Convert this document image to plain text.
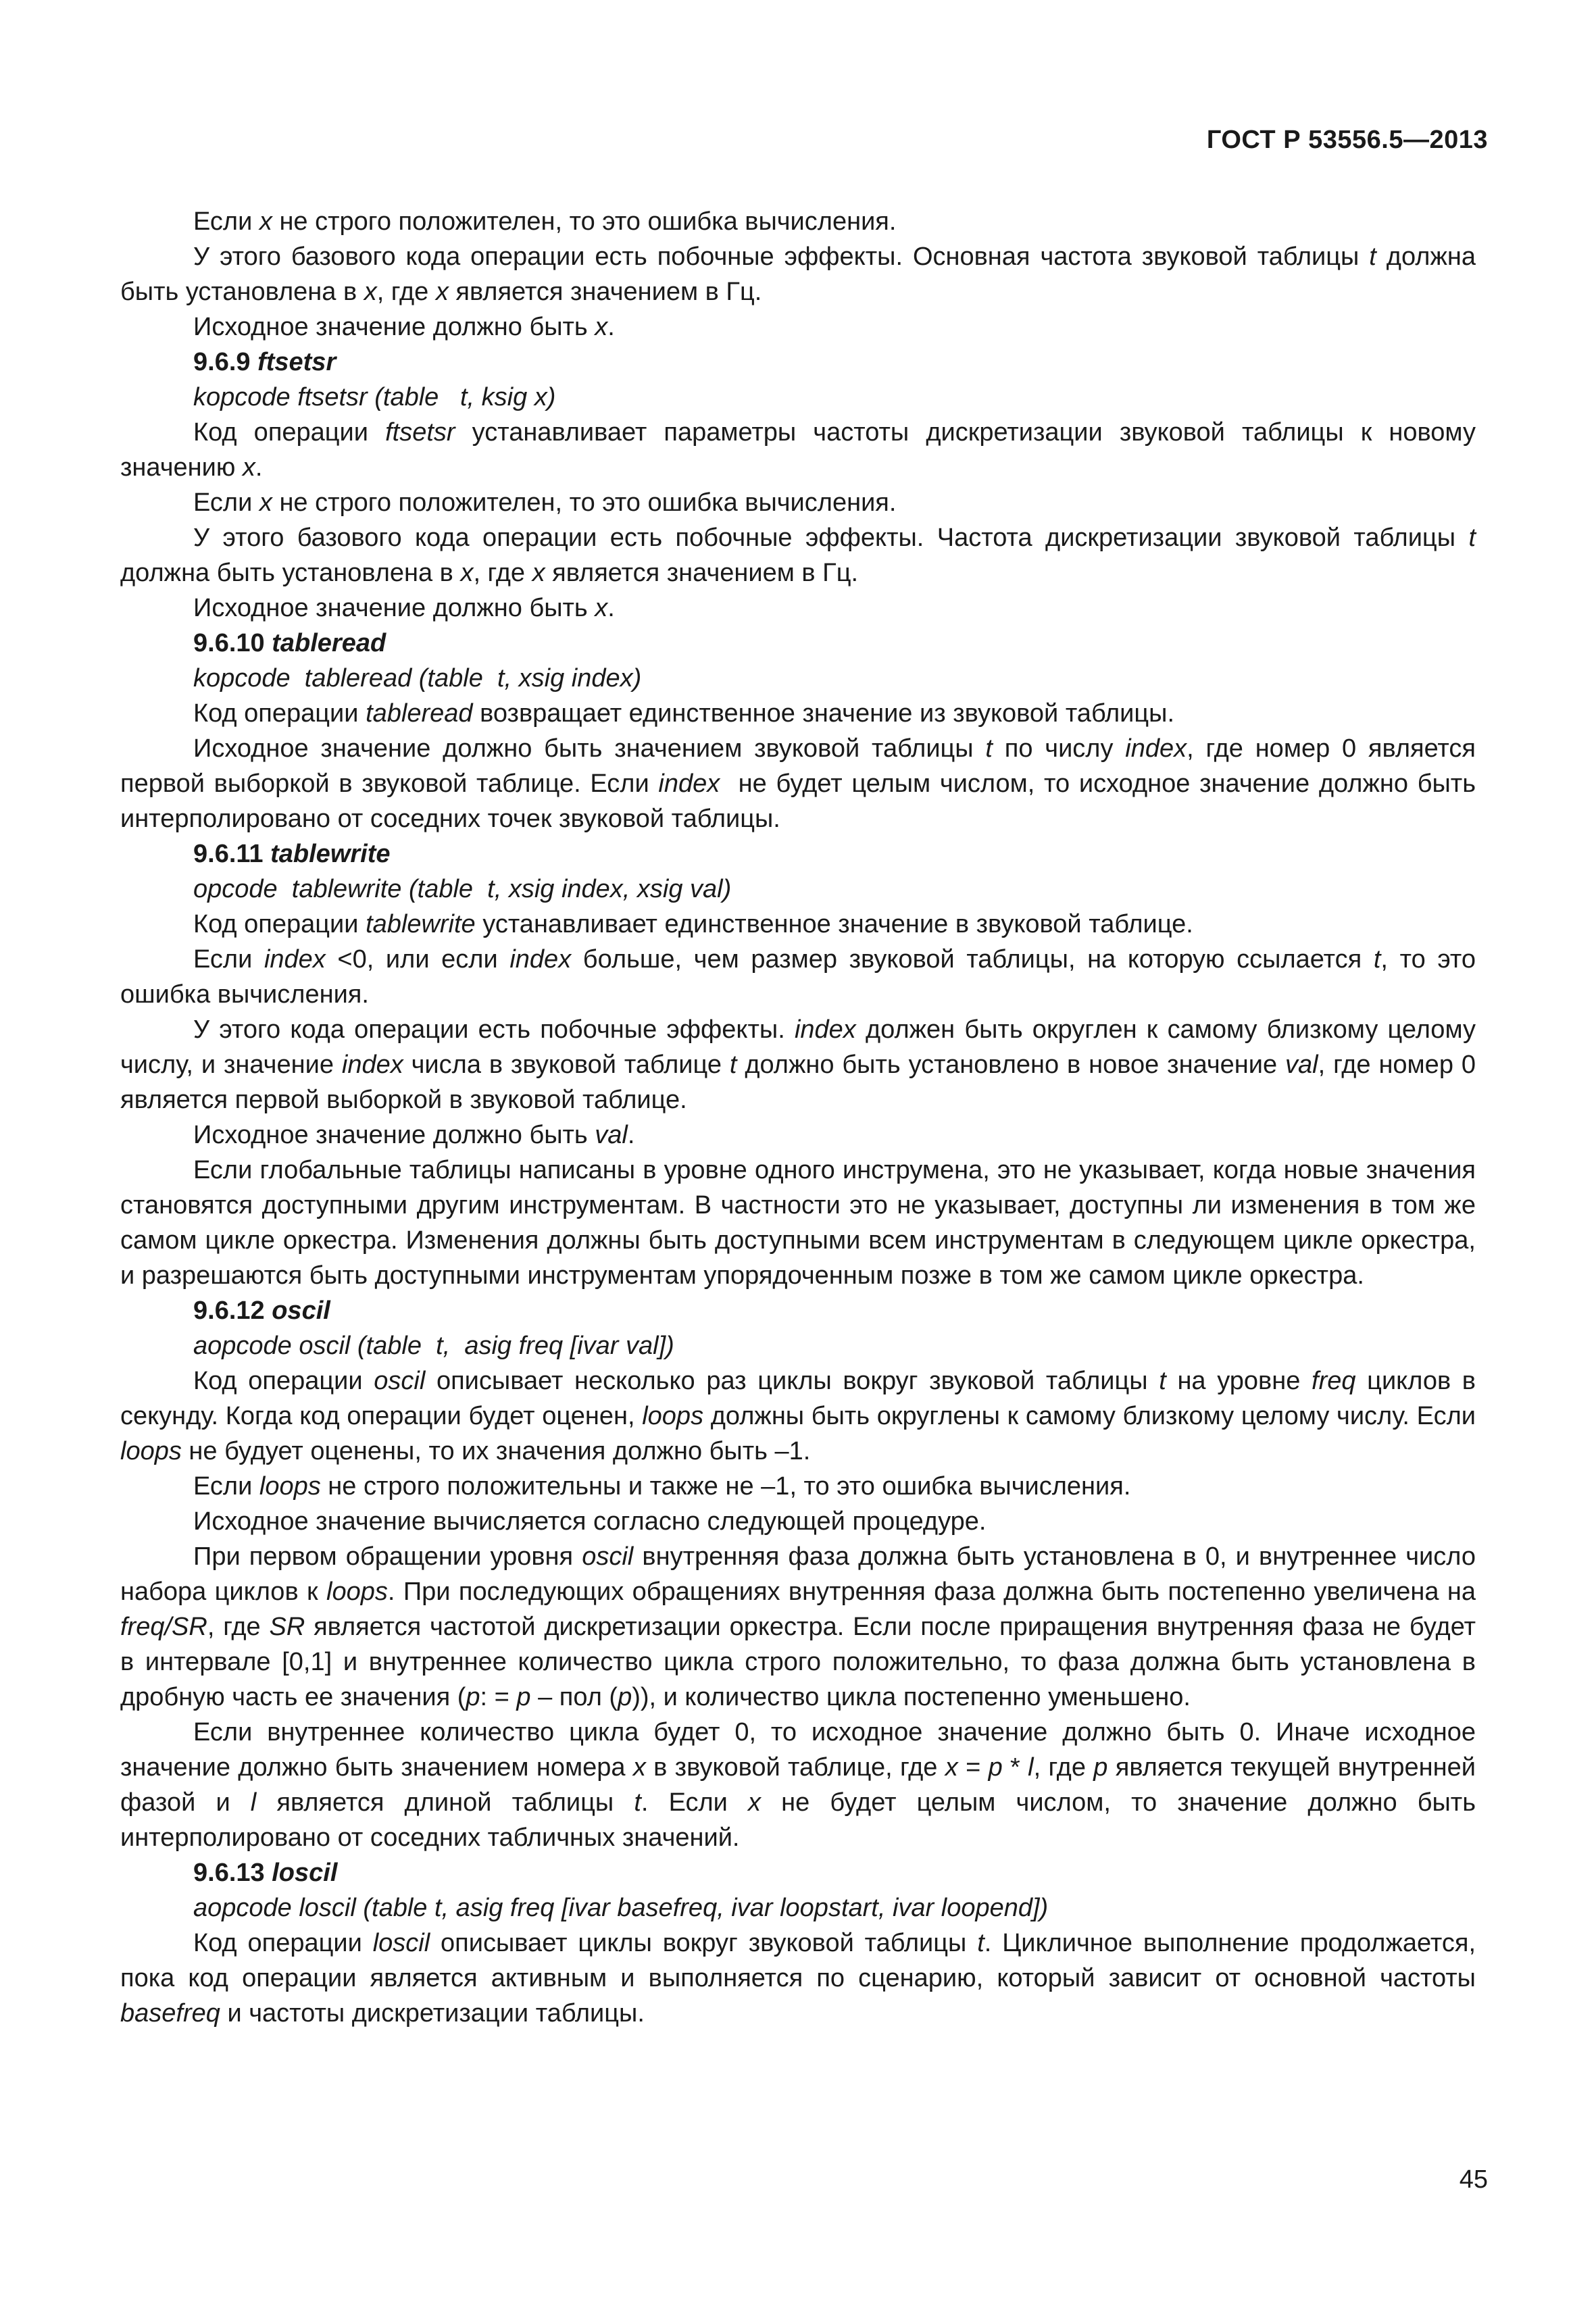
ГОСТ Р 53556.5—2013
Если x не строго положителен, то это ошибка вычисления.
У этого базового кода операции есть побочные эффекты. Основная частота звуковой таблицы t должна быть установлена в x, где x является значением в Гц.
Исходное значение должно быть x.
9.6.9 ftsetsr
kopcode ftsetsr (table   t, ksig x)
Код операции ftsetsr устанавливает параметры частоты дискретизации звуковой таблицы к новому значению x.
Если x не строго положителен, то это ошибка вычисления.
У этого базового кода операции есть побочные эффекты. Частота дискретизации звуковой таблицы t должна быть установлена в x, где x является значением в Гц.
Исходное значение должно быть x.
9.6.10 tableread
kopcode  tableread (table  t, xsig index)
Код операции tableread возвращает единственное значение из звуковой таблицы.
Исходное значение должно быть значением звуковой таблицы t по числу index, где номер 0 является первой выборкой в звуковой таблице. Если index  не будет целым числом, то исходное значение должно быть интерполировано от соседних точек звуковой таблицы.
9.6.11 tablewrite
opcode  tablewrite (table  t, xsig index, xsig val)
Код операции tablewrite устанавливает единственное значение в звуковой таблице.
Если index <0, или если index больше, чем размер звуковой таблицы, на которую ссылается t, то это ошибка вычисления.
У этого кода операции есть побочные эффекты. index должен быть округлен к самому близкому целому числу, и значение index числа в звуковой таблице t должно быть установлено в новое значение val, где номер 0 является первой выборкой в звуковой таблице.
Исходное значение должно быть val.
Если глобальные таблицы написаны в уровне одного инструмена, это не указывает, когда новые значения становятся доступными другим инструментам. В частности это не указывает, доступны ли изменения в том же самом цикле оркестра. Изменения должны быть доступными всем инструментам в следующем цикле оркестра, и разрешаются быть доступными инструментам упорядоченным позже в том же самом цикле оркестра.
9.6.12 oscil
aopcode oscil (table  t,  asig freq [ivar val])
Код операции oscil описывает несколько раз циклы вокруг звуковой таблицы t на уровне freq циклов в секунду. Когда код операции будет оценен, loops должны быть округлены к самому близкому целому числу. Если loops не будует оценены, то их значения должно быть –1.
Если loops не строго положительны и также не –1, то это ошибка вычисления.
Исходное значение вычисляется согласно следующей процедуре.
При первом обращении уровня oscil внутренняя фаза должна быть установлена в 0, и внутреннее число набора циклов к loops. При последующих обращениях внутренняя фаза должна быть постепенно увеличена на freq/SR, где SR является частотой дискретизации оркестра. Если после приращения внутренняя фаза не будет в интервале [0,1] и внутреннее количество цикла строго положительно, то фаза должна быть установлена в дробную часть ее значения (p: = p – пол (p)), и количество цикла постепенно уменьшено.
Если внутреннее количество цикла будет 0, то исходное значение должно быть 0. Иначе исходное значение должно быть значением номера x в звуковой таблице, где x = p * l, где p является текущей внутренней фазой и l является длиной таблицы t. Если x не будет целым числом, то значение должно быть интерполировано от соседних табличных значений.
9.6.13 loscil
aopcode loscil (table t, asig freq [ivar basefreq, ivar loopstart, ivar loopend])
Код операции loscil описывает циклы вокруг звуковой таблицы t. Цикличное выполнение продолжается, пока код операции является активным и выполняется по сценарию, который зависит от основной частоты basefreq и частоты дискретизации таблицы.
45
